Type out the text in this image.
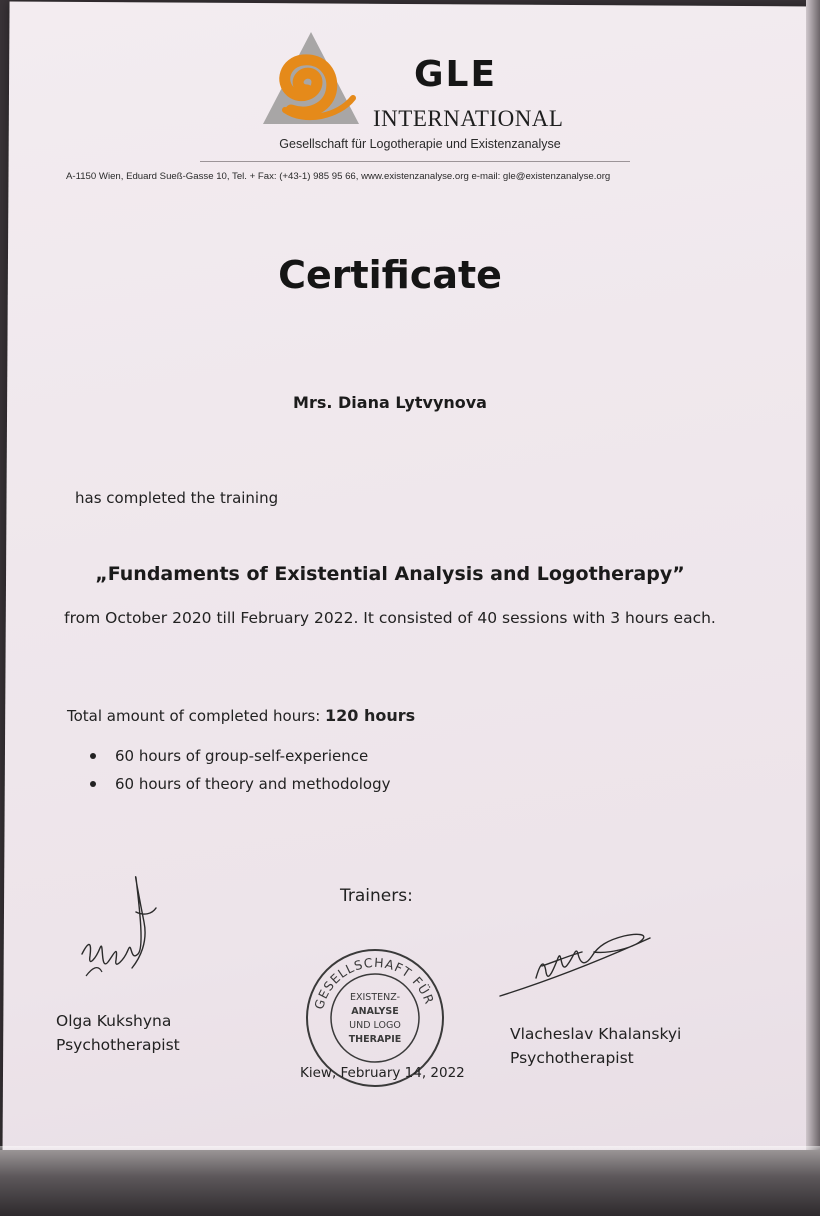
GLE
INTERNATIONAL
Gesellschaft für Logotherapie und Existenzanalyse
A-1150 Wien, Eduard Sueß-Gasse 10, Tel. + Fax: (+43-1) 985 95 66, www.existenzanalyse.org e-mail: gle@existenzanalyse.org
Certificate
Mrs. Diana Lytvynova
has completed the training
„Fundaments of Existential Analysis and Logotherapy”
from October 2020 till February 2022. It consisted of 40 sessions with 3 hours each.
Total amount of completed hours: 120 hours
60 hours of group-self-experience
60 hours of theory and methodology
Trainers:
GESELLSCHAFT FÜR
EXISTENZ-
ANALYSE
UND LOGO
THERAPIE
Olga Kukshyna
Psychotherapist
Vlacheslav Khalanskyi
Psychotherapist
Kiew, February 14, 2022
